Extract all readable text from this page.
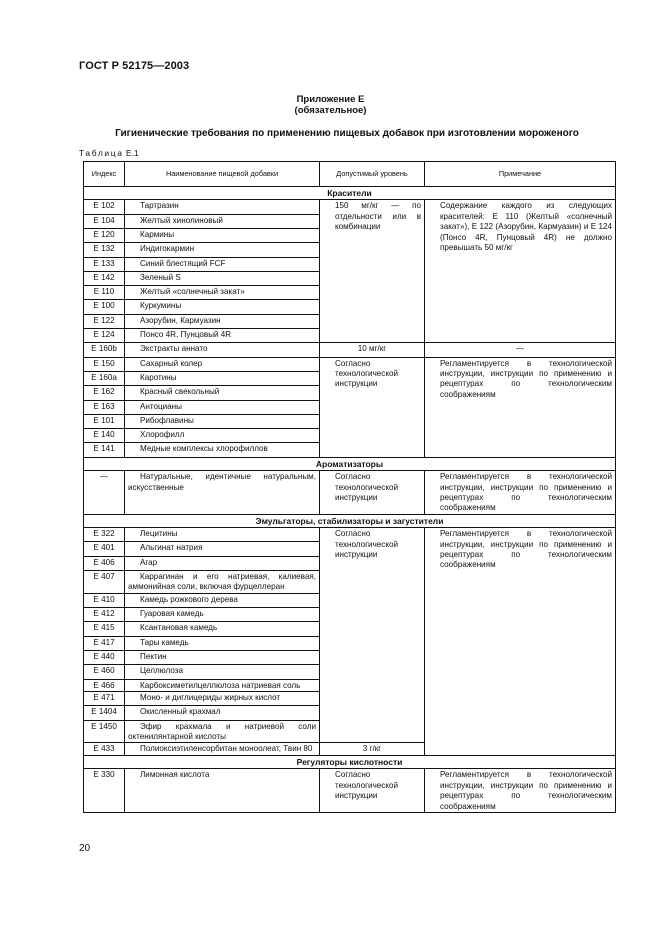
ГОСТ Р 52175—2003
Приложение Е
(обязательное)
Гигиенические требования по применению пищевых добавок при изготовлении мороженого
Таблица Е.1
Индекс	Наименование пищевой добавки	Допустимый уровень	Примечание
Красители			
Е 102	Тартразин	150 мг/кг — по отдельности или в комбинации	Содержание каждого из следующих красителей: Е 110 (Желтый «солнечный закат»), Е 122 (Азорубин, Кармуазин) и Е 124 (Понсо 4R, Пунцовый 4R) не должно превышать 50 мг/кг

Е 104	Желтый хинолиновый		

Е 120	Кармины		

Е 132	Индигокармин		

Е 133	Синий блестящий FCF		

Е 142	Зеленый S		

Е 110	Желтый «солнечный закат»		

Е 100	Куркумины		

Е 122	Азорубин, Кармуазин		

Е 124	Понсо 4R, Пунцовый 4R		

Е 160b	Экстракты аннато	10 мг/кг	—
Е 150	Сахарный колер	Согласно технологической инструкции	Регламентируется в технологической инструкции, инструкции по применению и рецептурах по технологическим соображениям

Е 160a	Каротины		

Е 162	Красный свекольный		

Е 163	Антоцианы		

Е 101	Рибофлавины		

Е 140	Хлорофилл		

Е 141	Медные комплексы хлорофиллов		

Ароматизаторы			
—	Натуральные, идентичные натуральным, искусственные	Согласно технологической инструкции	Регламентируется в технологической инструкции, инструкции по применению и рецептурах по технологическим соображениям

Эмульгаторы, стабилизаторы и загустители			
Е 322	Лецитины	Согласно технологической инструкции	Регламентируется в технологической инструкции, инструкции по применению и рецептурах по технологическим соображениям

Е 401	Альгинат натрия		

Е 406	Агар		

Е 407	Каррагинан и его натриевая, калиевая, аммонийная соли, включая фурцеллеран		
Е 410	Камедь рожкового дерева		

Е 412	Гуаровая камедь		

Е 415	Ксантановая камедь		

Е 417	Тары камедь		

Е 440	Пектин		

Е 460	Целлюлоза		

Е 466	Карбоксиметилцеллюлоза натриевая соль		
Е 471	Моно- и диглицериды жирных кислот		

Е 1404	Окисленный крахмал		

Е 1450	Эфир крахмала и натриевой соли октенилянтарной кислоты		
Е 433	Полиоксиэтиленсорбитан моноолеат, Твин 80	3 г/кг	
Регуляторы кислотности			
Е 330	Лимонная кислота	Согласно технологической инструкции	Регламентируется в технологической инструкции, инструкции по применению и рецептурах по технологическим соображениям
20
